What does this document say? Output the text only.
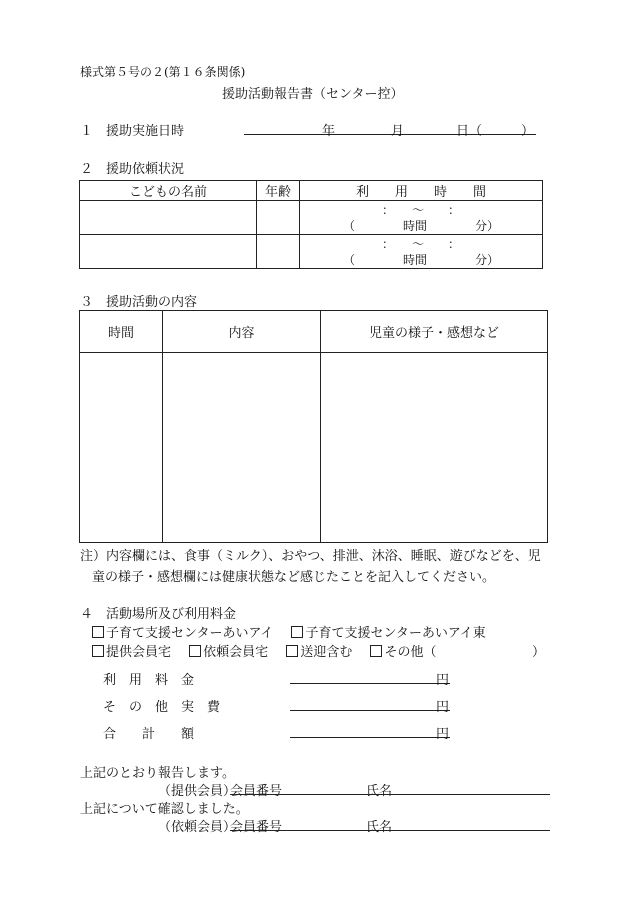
様式第５号の２(第１６条関係)
援助活動報告書（センター控）
１　援助実施日時	年	月	日（　　　）
２　援助依頼状況
こどもの名前	年齢	利　　用　　時　　間

		：　　～　　：
（　　　　時間　　　　分）

		：　　～　　：
（　　　　時間　　　　分）
３　援助活動の内容
時間	内容	児童の様子・感想など

注）内容欄には、食事（ミルク）、おやつ、排泄、沐浴、睡眠、遊びなどを、児
童の様子・感想欄には健康状態など感じたことを記入してください。
４　活動場所及び利用料金
子育て支援センターあいアイ 子育て支援センターあいアイ東
提供会員宅 依頼会員宅 送迎含む その他（	）
利　用　料　金	円
そ　の　他　実　費	円
合　　計　　額	円
上記のとおり報告します。
（提供会員）
会員番号	氏名
上記について確認しました。
（依頼会員）
会員番号	氏名
